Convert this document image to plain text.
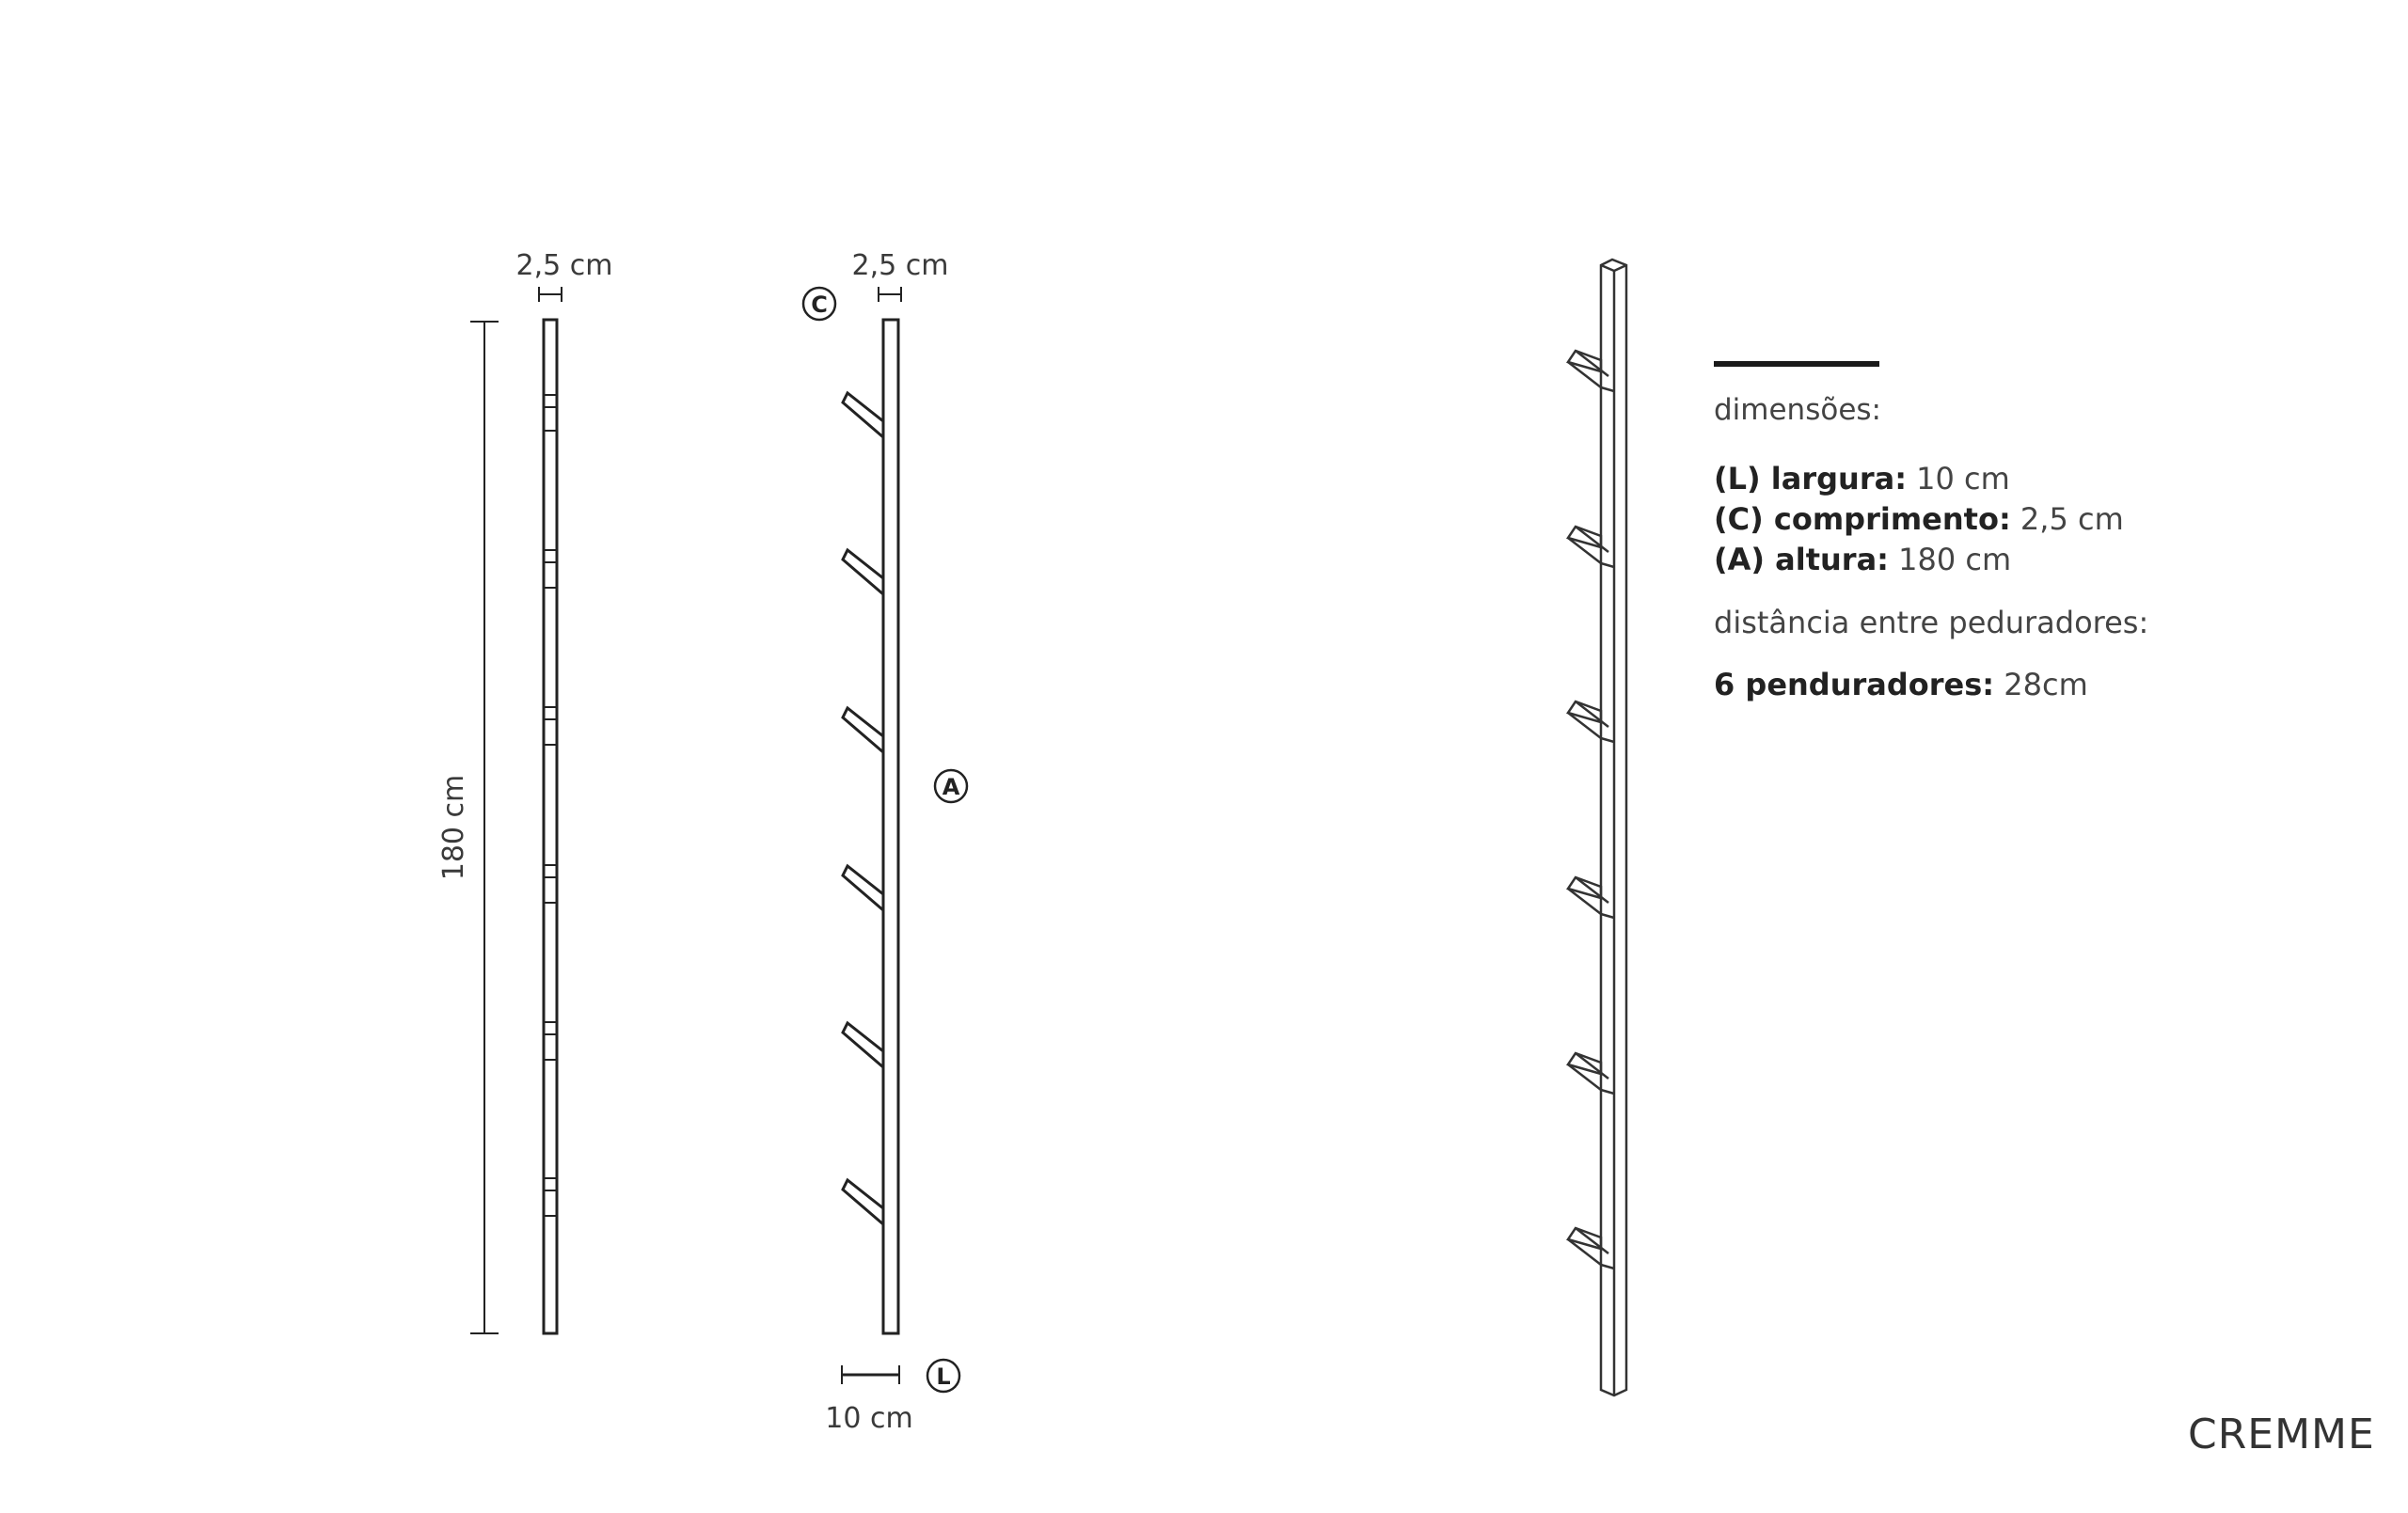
2,5 cm
180 cm
2,5 cm
10 cm
C
A
L
dimensões:
(L) largura: 10 cm
(C) comprimento: 2,5 cm
(A) altura: 180 cm
distância entre peduradores:
6 penduradores: 28cm
CREMME
